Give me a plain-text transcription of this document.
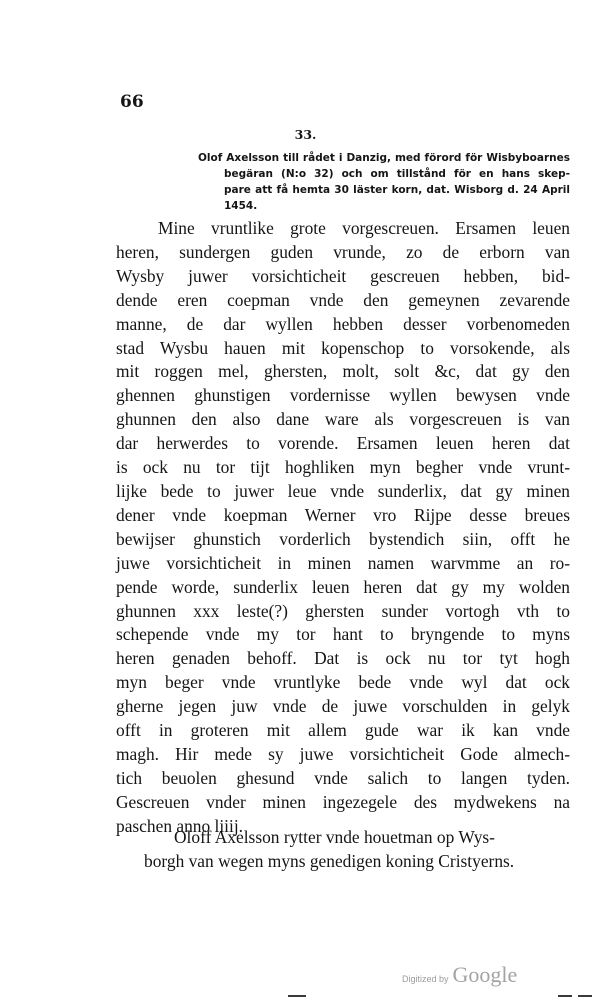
66
33.
Olof Axelsson till rådet i Danzig, med förord för Wisbyboarnes
begäran (N:o 32) och om tillstånd för en hans skep-
pare att få hemta 30 läster korn, dat. Wisborg d. 24 April
1454.
Mine vruntlike grote vorgescreuen. Ersamen leuen
heren, sundergen guden vrunde, zo de erborn van
Wysby juwer vorsichticheit gescreuen hebben, bid-
dende eren coepman vnde den gemeynen zevarende
manne, de dar wyllen hebben desser vorbenomeden
stad Wysbu hauen mit kopenschop to vorsokende, als
mit roggen mel, ghersten, molt, solt &c, dat gy den
ghennen ghunstigen vordernisse wyllen bewysen vnde
ghunnen den also dane ware als vorgescreuen is van
dar herwerdes to vorende. Ersamen leuen heren dat
is ock nu tor tijt hoghliken myn begher vnde vrunt-
lijke bede to juwer leue vnde sunderlix, dat gy minen
dener vnde koepman Werner vro Rijpe desse breues
bewijser ghunstich vorderlich bystendich siin, offt he
juwe vorsichticheit in minen namen warvmme an ro-
pende worde, sunderlix leuen heren dat gy my wolden
ghunnen xxx leste(?) ghersten sunder vortogh vth to
schepende vnde my tor hant to bryngende to myns
heren genaden behoff. Dat is ock nu tor tyt hogh
myn beger vnde vruntlyke bede vnde wyl dat ock
gherne jegen juw vnde de juwe vorschulden in gelyk
offt in groteren mit allem gude war ik kan vnde
magh. Hir mede sy juwe vorsichticheit Gode almech-
tich beuolen ghesund vnde salich to langen tyden.
Gescreuen vnder minen ingezegele des mydwekens na
paschen anno liiij.
Oloff Axelsson rytter vnde houetman op Wys-
borgh van wegen myns genedigen koning Cristyerns.
Digitized by Google
